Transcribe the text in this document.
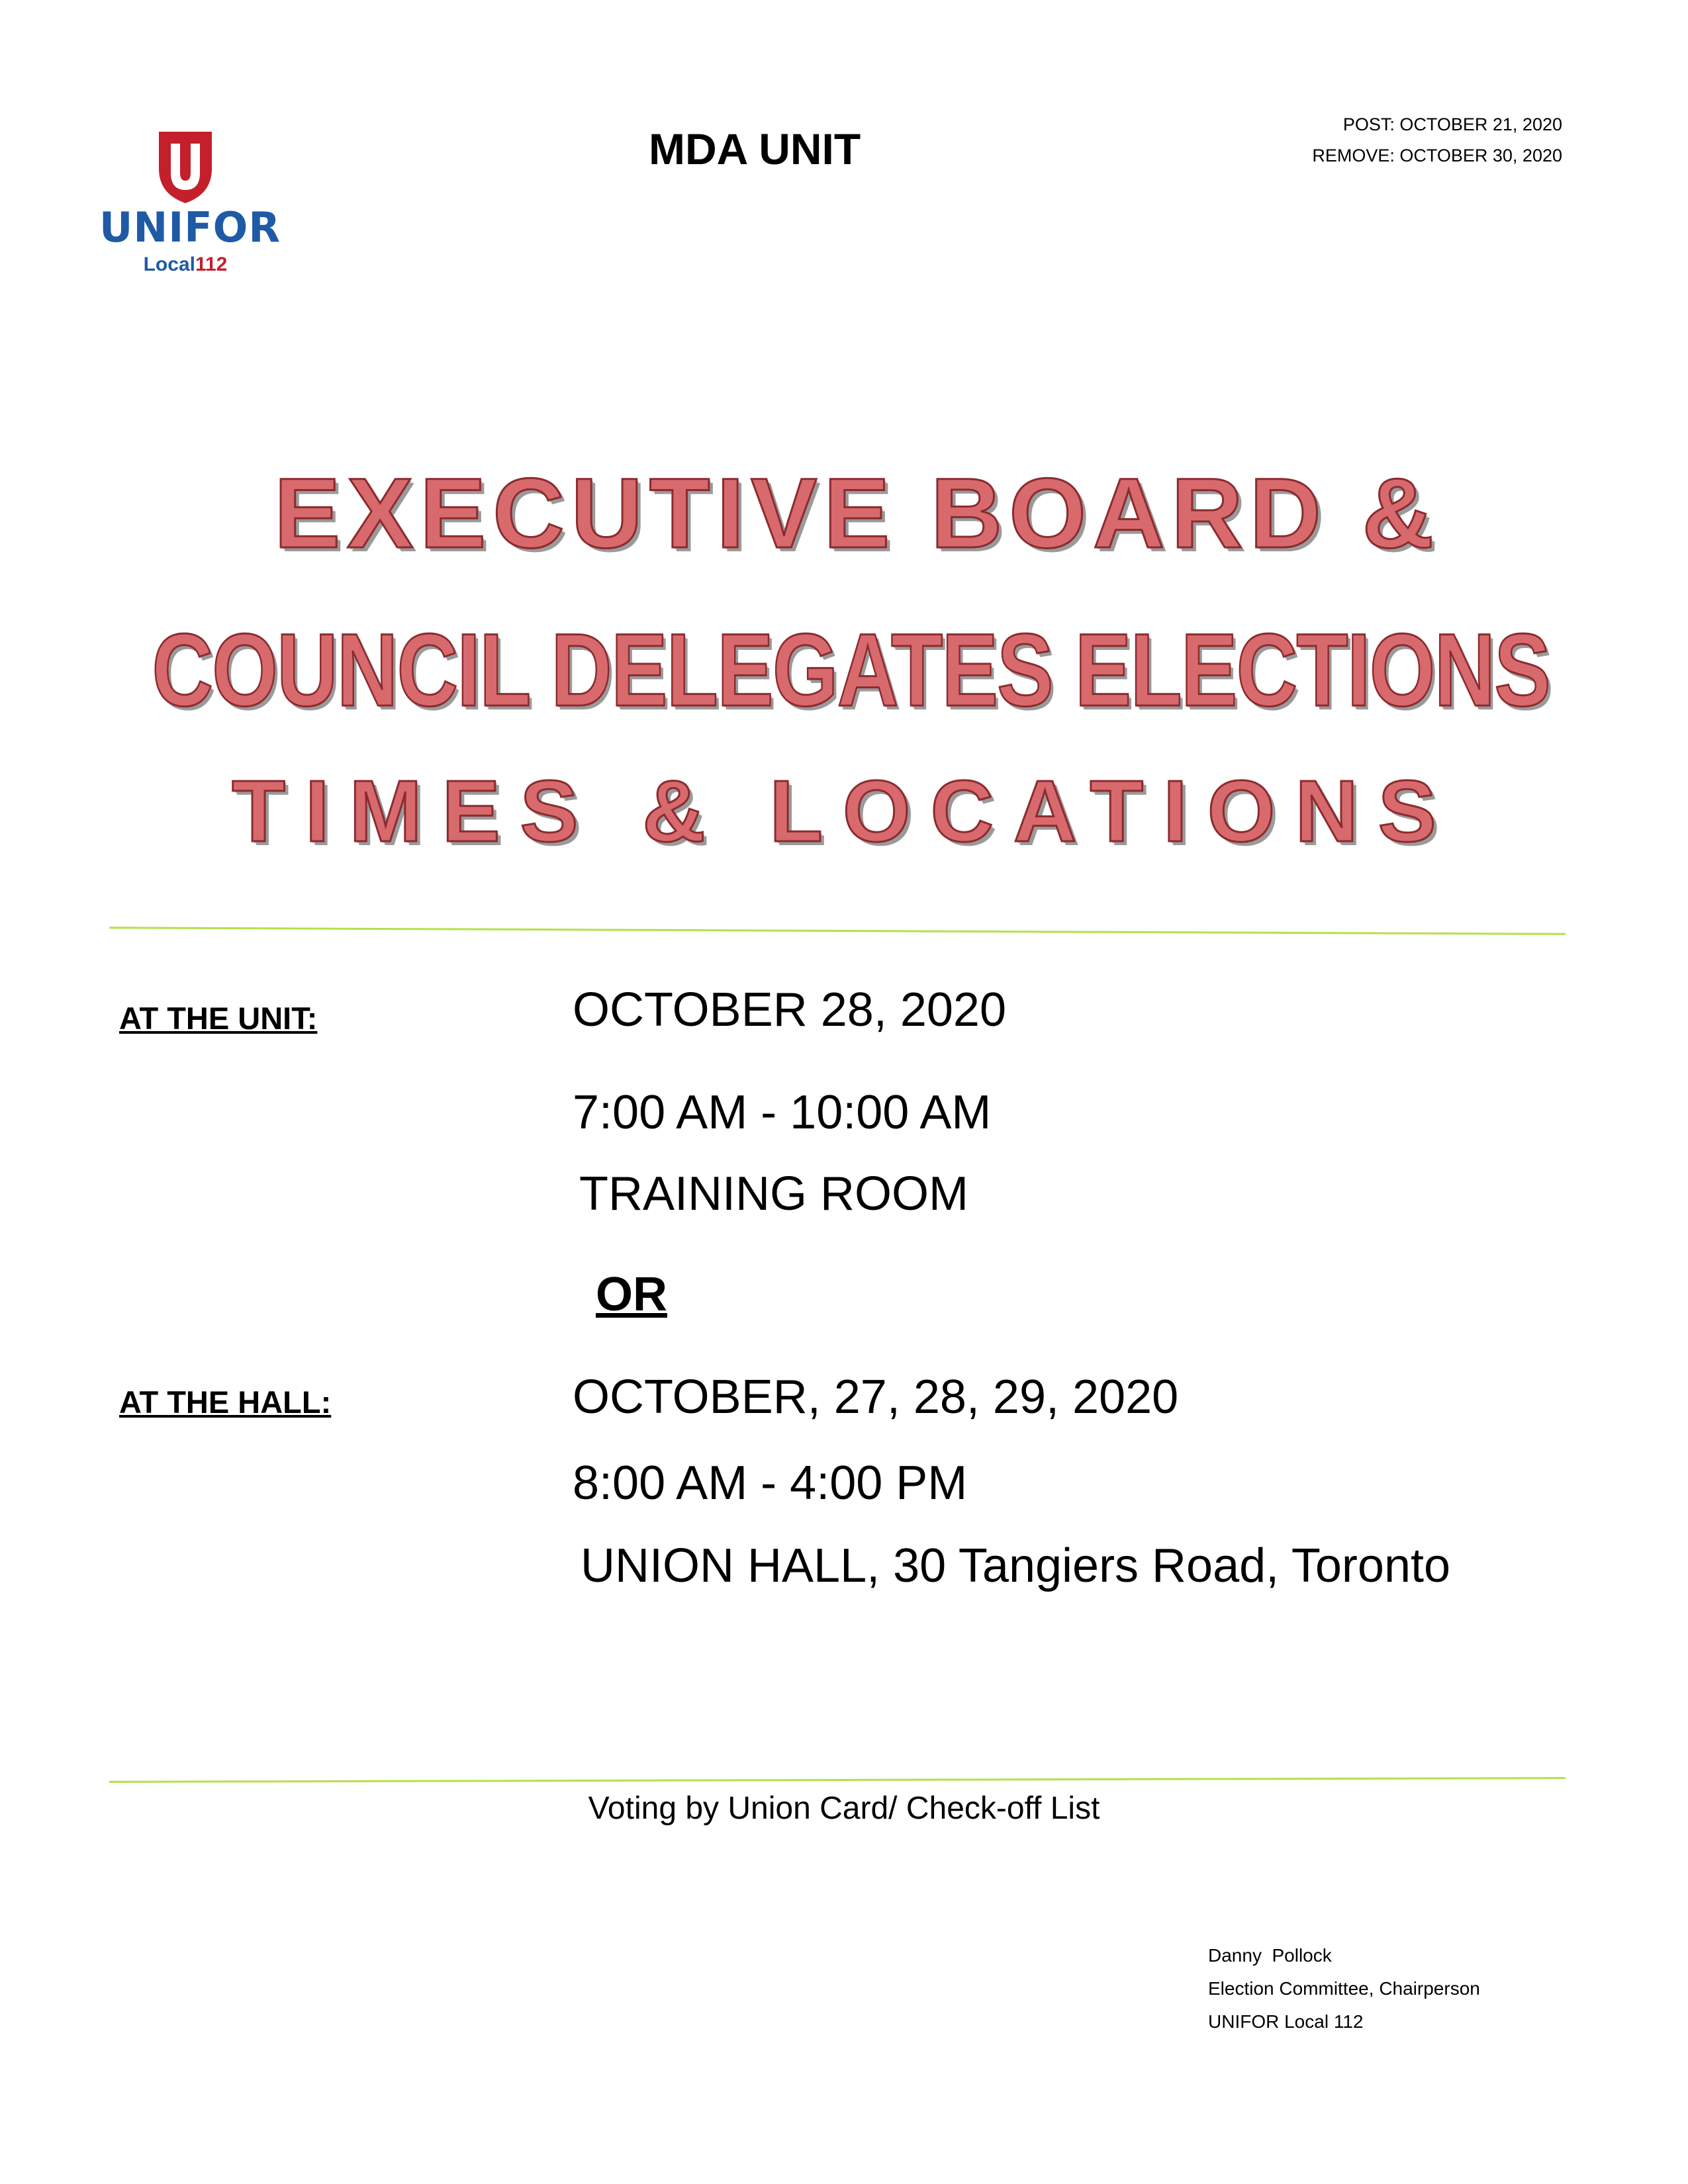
UNIFOR
Local112
MDA UNIT	POST: OCTOBER 21, 2020
REMOVE: OCTOBER 30, 2020
EXECUTIVE BOARD &
COUNCIL DELEGATES ELECTIONS
TIMES & LOCATIONS
AT THE UNIT:	OCTOBER 28, 2020
7:00 AM - 10:00 AM
TRAINING ROOM
OR
AT THE HALL:	OCTOBER, 27, 28, 29, 2020
8:00 AM - 4:00 PM
UNION HALL, 30 Tangiers Road, Toronto
Voting by Union Card/ Check-off List
Danny  Pollock
Election Committee, Chairperson
UNIFOR Local 112
